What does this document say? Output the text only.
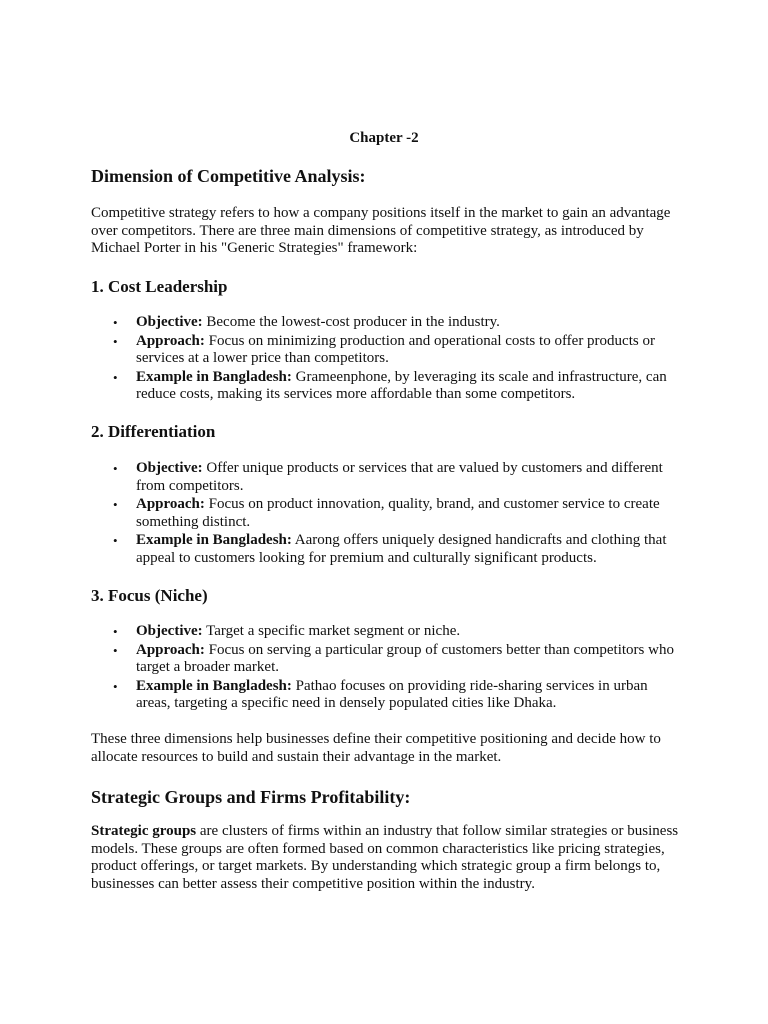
Chapter -2

Dimension of Competitive Analysis:

Competitive strategy refers to how a company positions itself in the market to gain an advantage over competitors. There are three main dimensions of competitive strategy, as introduced by Michael Porter in his "Generic Strategies" framework:

1. Cost Leadership
• Objective: Become the lowest-cost producer in the industry.
• Approach: Focus on minimizing production and operational costs to offer products or services at a lower price than competitors.
• Example in Bangladesh: Grameenphone, by leveraging its scale and infrastructure, can reduce costs, making its services more affordable than some competitors.
2. Differentiation
• Objective: Offer unique products or services that are valued by customers and different from competitors.
• Approach: Focus on product innovation, quality, brand, and customer service to create something distinct.
• Example in Bangladesh: Aarong offers uniquely designed handicrafts and clothing that appeal to customers looking for premium and culturally significant products.
3. Focus (Niche)
• Objective: Target a specific market segment or niche.
• Approach: Focus on serving a particular group of customers better than competitors who target a broader market.
• Example in Bangladesh: Pathao focuses on providing ride-sharing services in urban areas, targeting a specific need in densely populated cities like Dhaka.

These three dimensions help businesses define their competitive positioning and decide how to allocate resources to build and sustain their advantage in the market.

Strategic Groups and Firms Profitability:

Strategic groups are clusters of firms within an industry that follow similar strategies or business models. These groups are often formed based on common characteristics like pricing strategies, product offerings, or target markets. By understanding which strategic group a firm belongs to, businesses can better assess their competitive position within the industry.
